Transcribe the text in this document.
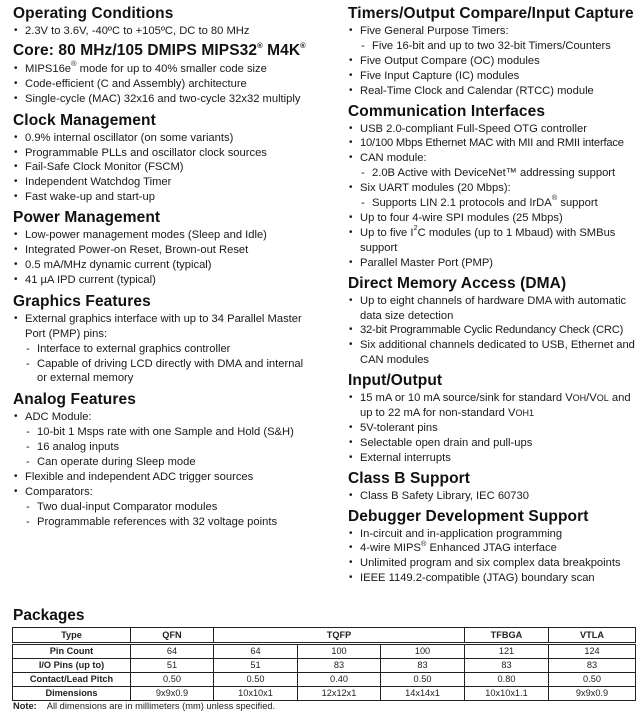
Operating Conditions
• 2.3V to 3.6V, -40ºC to +105ºC, DC to 80 MHz
Core: 80 MHz/105 DMIPS MIPS32® M4K®
• MIPS16e® mode for up to 40% smaller code size
• Code-efficient (C and Assembly) architecture
• Single-cycle (MAC) 32x16 and two-cycle 32x32 multiply
Clock Management
• 0.9% internal oscillator (on some variants)
• Programmable PLLs and oscillator clock sources
• Fail-Safe Clock Monitor (FSCM)
• Independent Watchdog Timer
• Fast wake-up and start-up
Power Management
• Low-power management modes (Sleep and Idle)
• Integrated Power-on Reset, Brown-out Reset
• 0.5 mA/MHz dynamic current (typical)
• 41 µA IPD current (typical)
Graphics Features
• External graphics interface with up to 34 Parallel Master Port (PMP) pins:
- Interface to external graphics controller
- Capable of driving LCD directly with DMA and internal or external memory
Analog Features
• ADC Module:
- 10-bit 1 Msps rate with one Sample and Hold (S&H)
- 16 analog inputs
- Can operate during Sleep mode
• Flexible and independent ADC trigger sources
• Comparators:
- Two dual-input Comparator modules
- Programmable references with 32 voltage points
Timers/Output Compare/Input Capture
• Five General Purpose Timers:
- Five 16-bit and up to two 32-bit Timers/Counters
• Five Output Compare (OC) modules
• Five Input Capture (IC) modules
• Real-Time Clock and Calendar (RTCC) module
Communication Interfaces
• USB 2.0-compliant Full-Speed OTG controller
• 10/100 Mbps Ethernet MAC with MII and RMII interface
• CAN module:
- 2.0B Active with DeviceNet™ addressing support
• Six UART modules (20 Mbps):
- Supports LIN 2.1 protocols and IrDA® support
• Up to four 4-wire SPI modules (25 Mbps)
• Up to five $I^2C$ modules (up to 1 Mbaud) with SMBus support
• Parallel Master Port (PMP)
Direct Memory Access (DMA)
• Up to eight channels of hardware DMA with automatic data size detection
• 32-bit Programmable Cyclic Redundancy Check (CRC)
• Six additional channels dedicated to USB, Ethernet and CAN modules
Input/Output
• 15 mA or 10 mA source/sink for standard VOH/VOL and up to 22 mA for non-standard VOH1
• 5V-tolerant pins
• Selectable open drain and pull-ups
• External interrupts
Class B Support
• Class B Safety Library, IEC 60730
Debugger Development Support
• In-circuit and in-application programming
• 4-wire MIPS® Enhanced JTAG interface
• Unlimited program and six complex data breakpoints
• IEEE 1149.2-compatible (JTAG) boundary scan
Packages
Type	QFN	TQFP			TFBGA	VTLA
Pin Count	64	64	100	100	121	124
I/O Pins (up to)	51	51	83	83	83	83
Contact/Lead Pitch	0.50	0.50	0.40	0.50	0.80	0.50
Dimensions	9x9x0.9	10x10x1	12x12x1	14x14x1	10x10x1.1	9x9x0.9
Note: All dimensions are in millimeters (mm) unless specified.
